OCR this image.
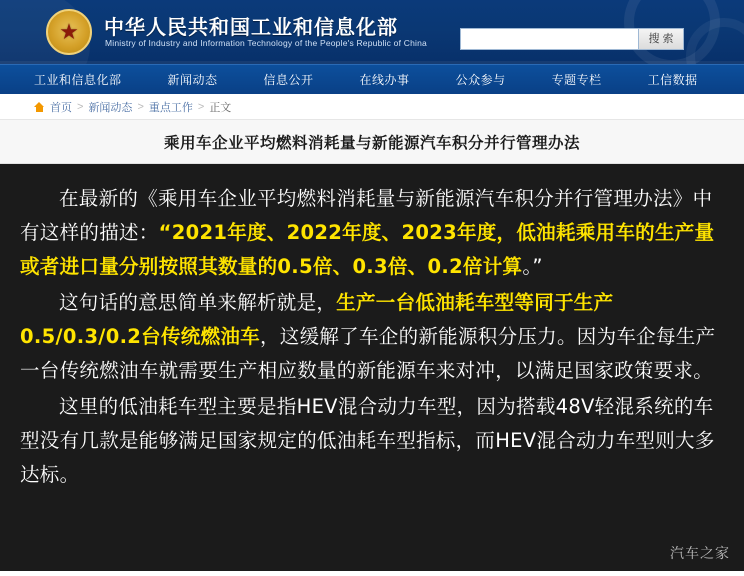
★ 中华人民共和国工业和信息化部
Ministry of Industry and Information Technology of the People's Republic of China	搜 索
工业和信息化部	新闻动态	信息公开	在线办事	公众参与	专题专栏	工信数据
首页 > 新闻动态 > 重点工作 > 正文
乘用车企业平均燃料消耗量与新能源汽车积分并行管理办法

在最新的《乘用车企业平均燃料消耗量与新能源汽车积分并行管理办法》中有这样的描述：“2021年度、2022年度、2023年度，低油耗乘用车的生产量或者进口量分别按照其数量的0.5倍、0.3倍、0.2倍计算。”

这句话的意思简单来解析就是，生产一台低油耗车型等同于生产0.5/0.3/0.2台传统燃油车，这缓解了车企的新能源积分压力。因为车企每生产一台传统燃油车就需要生产相应数量的新能源车来对冲，以满足国家政策要求。

这里的低油耗车型主要是指HEV混合动力车型，因为搭载48V轻混系统的车型没有几款是能够满足国家规定的低油耗车型指标，而HEV混合动力车型则大多达标。

汽车之家
